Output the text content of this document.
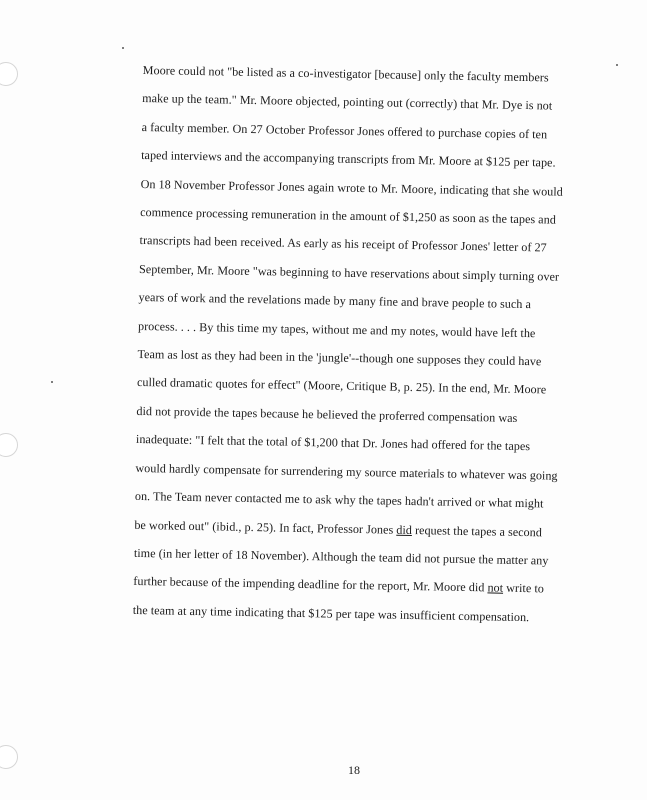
Moore could not "be listed as a co-investigator [because] only the faculty members
make up the team." Mr. Moore objected, pointing out (correctly) that Mr. Dye is not
a faculty member. On 27 October Professor Jones offered to purchase copies of ten
taped interviews and the accompanying transcripts from Mr. Moore at $125 per tape.
On 18 November Professor Jones again wrote to Mr. Moore, indicating that she would
commence processing remuneration in the amount of $1,250 as soon as the tapes and
transcripts had been received. As early as his receipt of Professor Jones' letter of 27
September, Mr. Moore "was beginning to have reservations about simply turning over
years of work and the revelations made by many fine and brave people to such a
process. . . . By this time my tapes, without me and my notes, would have left the
Team as lost as they had been in the 'jungle'--though one supposes they could have
culled dramatic quotes for effect" (Moore, Critique B, p. 25). In the end, Mr. Moore
did not provide the tapes because he believed the proferred compensation was
inadequate: "I felt that the total of $1,200 that Dr. Jones had offered for the tapes
would hardly compensate for surrendering my source materials to whatever was going
on. The Team never contacted me to ask why the tapes hadn't arrived or what might
be worked out" (ibid., p. 25). In fact, Professor Jones did request the tapes a second
time (in her letter of 18 November). Although the team did not pursue the matter any
further because of the impending deadline for the report, Mr. Moore did not write to
the team at any time indicating that $125 per tape was insufficient compensation.
18
